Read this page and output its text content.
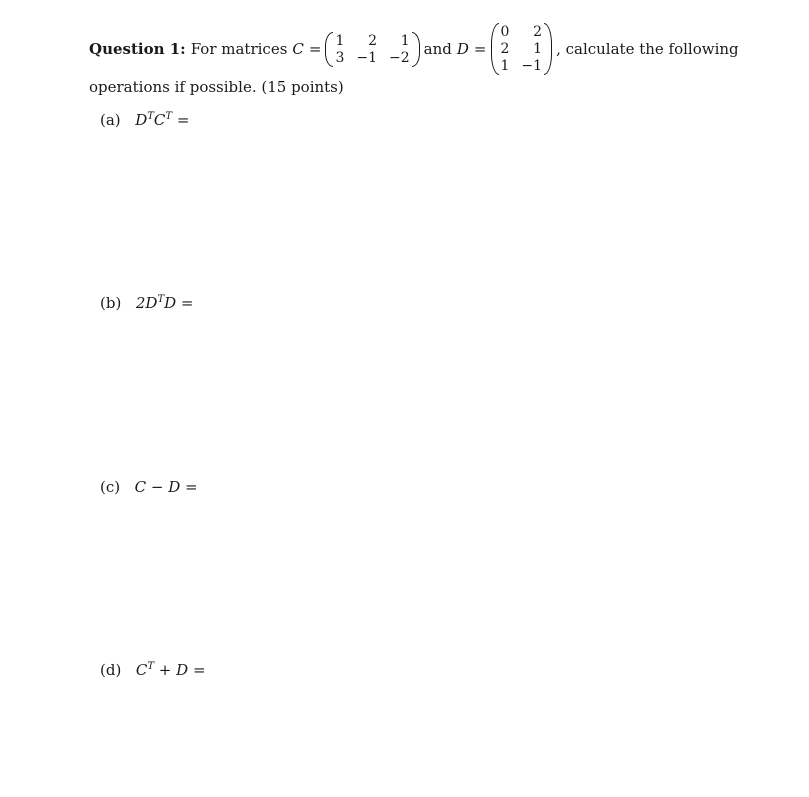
Question 1: For matrices C = 1 2 1
3 −1 −2 and D =
0 2
2 1
1 −1
, calculate the following
operations if possible. (15 points)
(a) $D^TC^T$ =
(b) $2D^TD$ =
(c) C − D =
(d) $C^T + D$ =
